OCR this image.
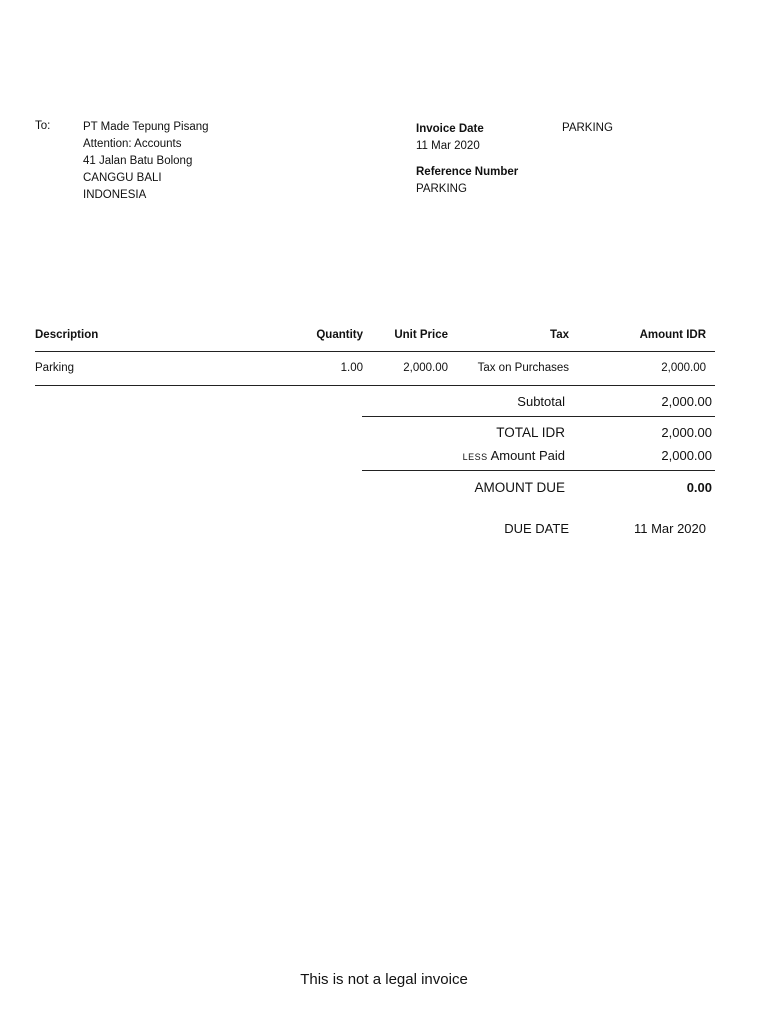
To:	PT Made Tepung Pisang
Attention: Accounts
41 Jalan Batu Bolong
CANGGU BALI
INDONESIA
Invoice Date
11 Mar 2020
Reference Number
PARKING
PARKING
Description	Quantity	Unit Price	Tax	Amount IDR
Parking	1.00	2,000.00	Tax on Purchases	2,000.00
Subtotal	2,000.00
TOTAL IDR	2,000.00
LESS Amount Paid	2,000.00
AMOUNT DUE	0.00
DUE DATE	11 Mar 2020
This is not a legal invoice
